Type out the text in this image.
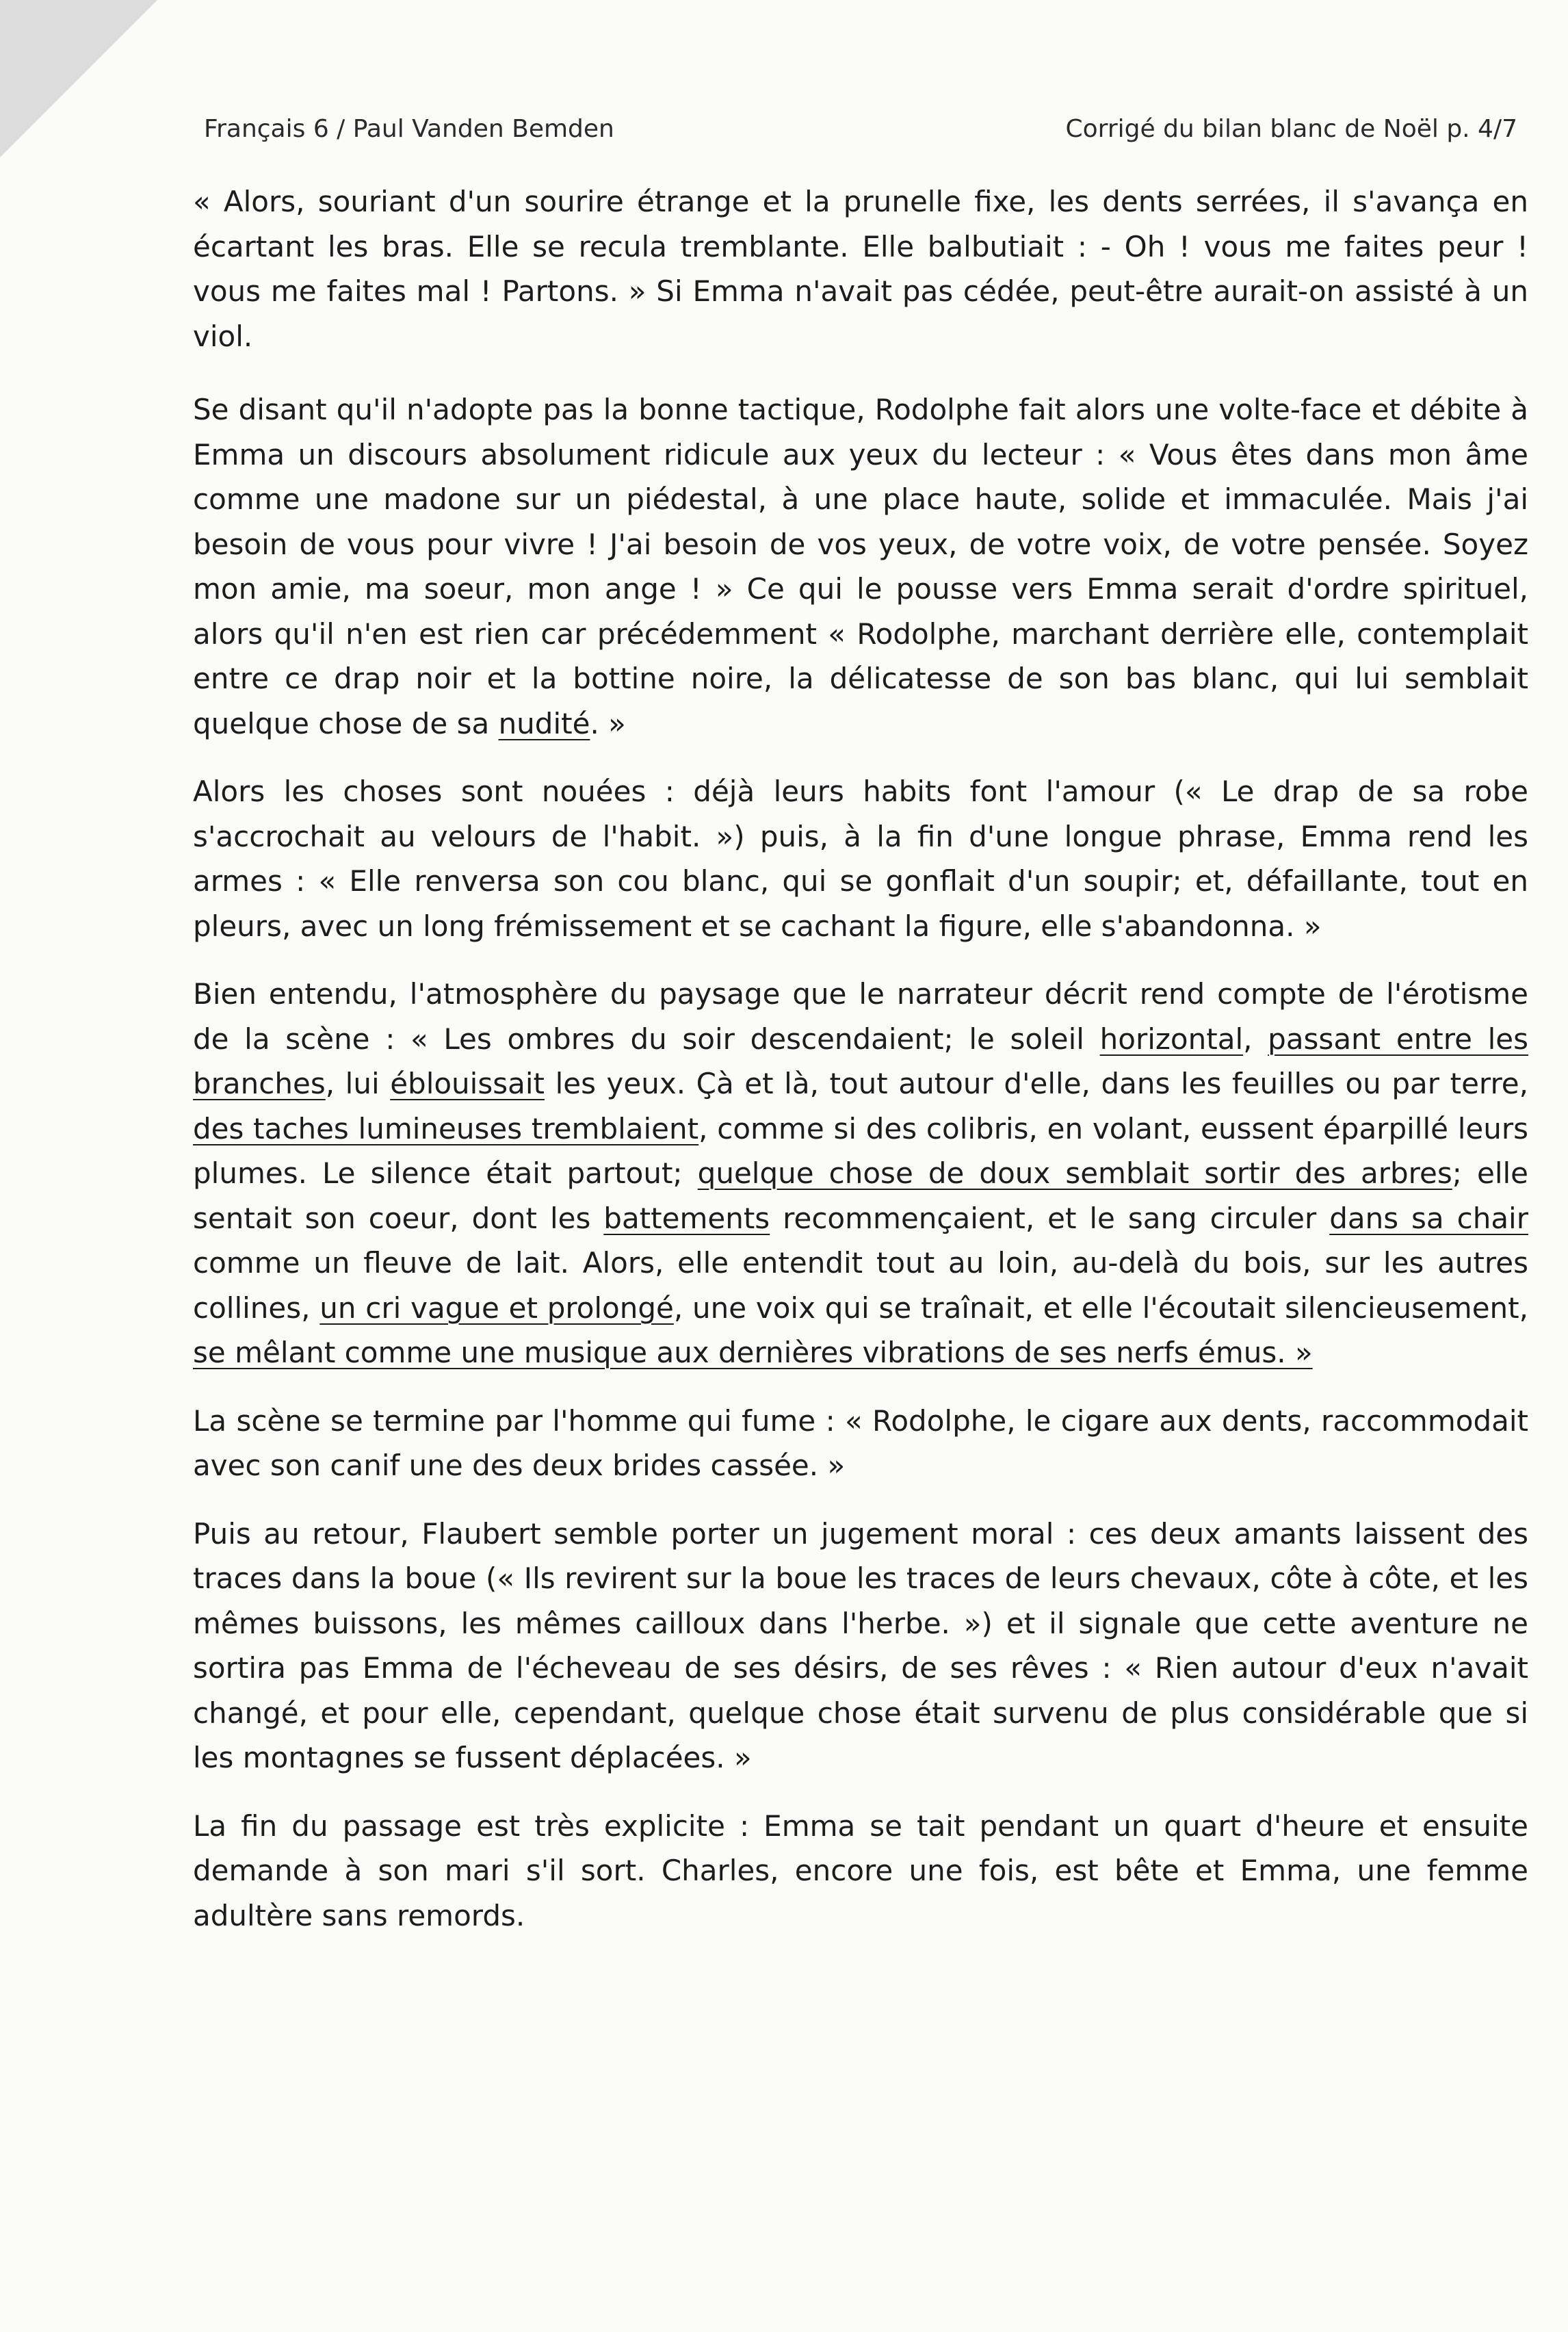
Français 6 / Paul Vanden Bemden	Corrigé du bilan blanc de Noël p. 4/7

« Alors, souriant d'un sourire étrange et la prunelle fixe, les dents serrées, il s'avança en écartant les bras. Elle se recula tremblante. Elle balbutiait : - Oh ! vous me faites peur ! vous me faites mal ! Partons. » Si Emma n'avait pas cédée, peut-être aurait-on assisté à un viol.

Se disant qu'il n'adopte pas la bonne tactique, Rodolphe fait alors une volte-face et débite à Emma un discours absolument ridicule aux yeux du lecteur : « Vous êtes dans mon âme comme une madone sur un piédestal, à une place haute, solide et immaculée. Mais j'ai besoin de vous pour vivre ! J'ai besoin de vos yeux, de votre voix, de votre pensée. Soyez mon amie, ma soeur, mon ange ! » Ce qui le pousse vers Emma serait d'ordre spirituel, alors qu'il n'en est rien car précédemment « Rodolphe, marchant derrière elle, contemplait entre ce drap noir et la bottine noire, la délicatesse de son bas blanc, qui lui semblait quelque chose de sa nudité. »

Alors les choses sont nouées : déjà leurs habits font l'amour (« Le drap de sa robe s'accrochait au velours de l'habit. ») puis, à la fin d'une longue phrase, Emma rend les armes : « Elle renversa son cou blanc, qui se gonflait d'un soupir; et, défaillante, tout en pleurs, avec un long frémissement et se cachant la figure, elle s'abandonna. »

Bien entendu, l'atmosphère du paysage que le narrateur décrit rend compte de l'érotisme de la scène : « Les ombres du soir descendaient; le soleil horizontal, passant entre les branches, lui éblouissait les yeux. Çà et là, tout autour d'elle, dans les feuilles ou par terre, des taches lumineuses tremblaient, comme si des colibris, en volant, eussent éparpillé leurs plumes. Le silence était partout; quelque chose de doux semblait sortir des arbres; elle sentait son coeur, dont les battements recommençaient, et le sang circuler dans sa chair comme un fleuve de lait. Alors, elle entendit tout au loin, au-delà du bois, sur les autres collines, un cri vague et prolongé, une voix qui se traînait, et elle l'écoutait silencieusement, se mêlant comme une musique aux dernières vibrations de ses nerfs émus. »

La scène se termine par l'homme qui fume : « Rodolphe, le cigare aux dents, raccommodait avec son canif une des deux brides cassée. »

Puis au retour, Flaubert semble porter un jugement moral : ces deux amants laissent des traces dans la boue (« Ils revirent sur la boue les traces de leurs chevaux, côte à côte, et les mêmes buissons, les mêmes cailloux dans l'herbe. ») et il signale que cette aventure ne sortira pas Emma de l'écheveau de ses désirs, de ses rêves : « Rien autour d'eux n'avait changé, et pour elle, cependant, quelque chose était survenu de plus considérable que si les montagnes se fussent déplacées. »

La fin du passage est très explicite : Emma se tait pendant un quart d'heure et ensuite demande à son mari s'il sort. Charles, encore une fois, est bête et Emma, une femme adultère sans remords.
